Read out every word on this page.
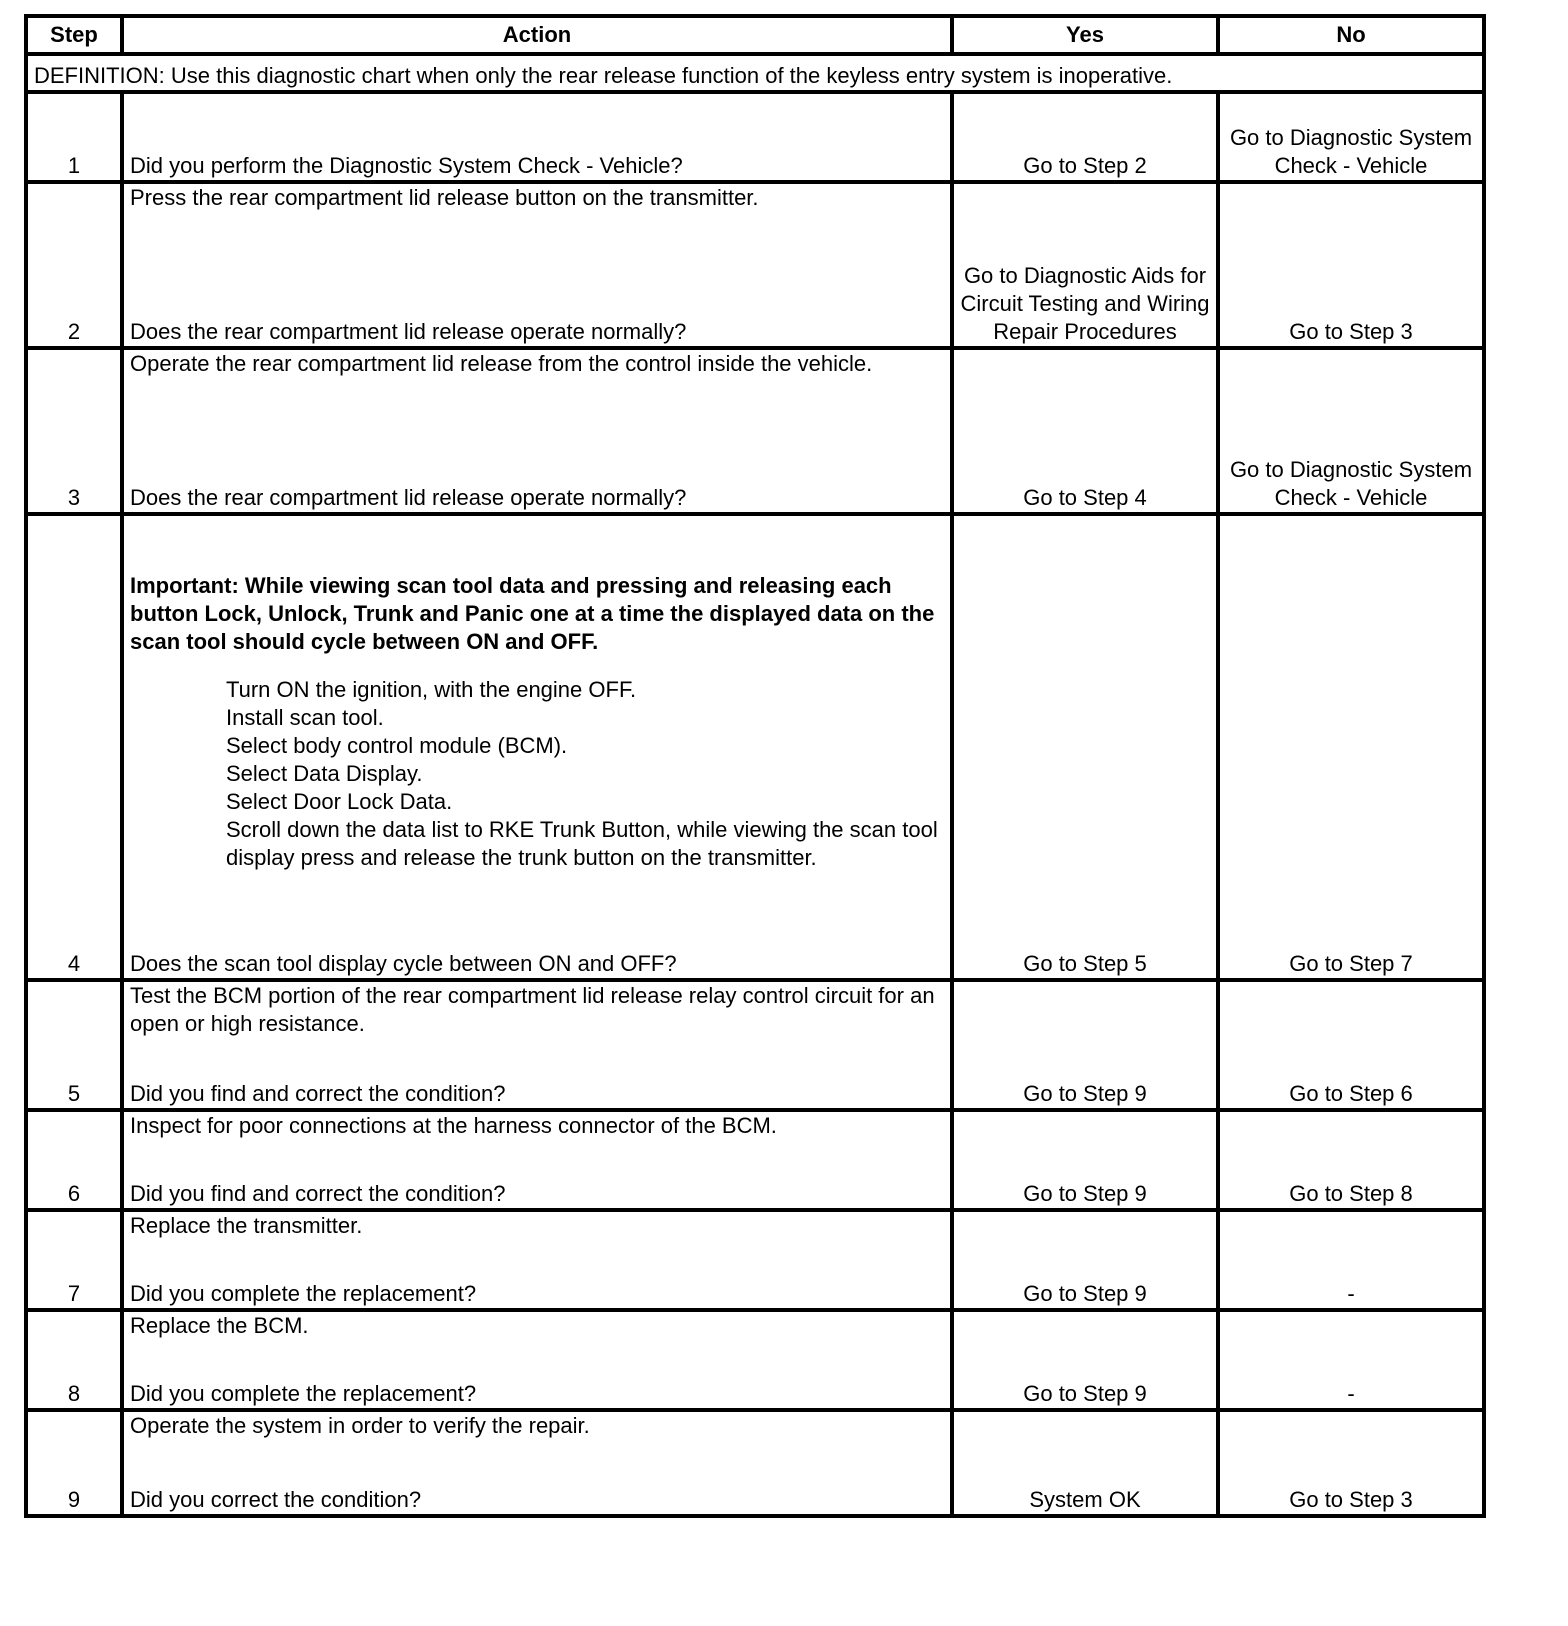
Step	Action	Yes	No
DEFINITION: Use this diagnostic chart when only the rear release function of the keyless entry system is inoperative.			
1	Did you perform the Diagnostic System Check - Vehicle?	Go to Step 2	Go to Diagnostic System Check - Vehicle
2	Press the rear compartment lid release button on the transmitter.
Does the rear compartment lid release operate normally?	Go to Diagnostic Aids for Circuit Testing and Wiring Repair Procedures	Go to Step 3
3	Operate the rear compartment lid release from the control inside the vehicle.
Does the rear compartment lid release operate normally?	Go to Step 4	Go to Diagnostic System Check - Vehicle
4	

Important: While viewing scan tool data and pressing and releasing each button Lock, Unlock, Trunk and Panic one at a time the displayed data on the scan tool should cycle between ON and OFF.

Turn ON the ignition, with the engine OFF.
Install scan tool.
Select body control module (BCM).
Select Data Display.
Select Door Lock Data.
Scroll down the data list to RKE Trunk Button, while viewing the scan tool display press and release the trunk button on the transmitter.
Does the scan tool display cycle between ON and OFF?	Go to Step 5	Go to Step 7
5	Test the BCM portion of the rear compartment lid release relay control circuit for an open or high resistance.
Did you find and correct the condition?	Go to Step 9	Go to Step 6
6	Inspect for poor connections at the harness connector of the BCM.
Did you find and correct the condition?	Go to Step 9	Go to Step 8
7	Replace the transmitter.
Did you complete the replacement?	Go to Step 9	-
8	Replace the BCM.
Did you complete the replacement?	Go to Step 9	-
9	Operate the system in order to verify the repair.
Did you correct the condition?	System OK	Go to Step 3
